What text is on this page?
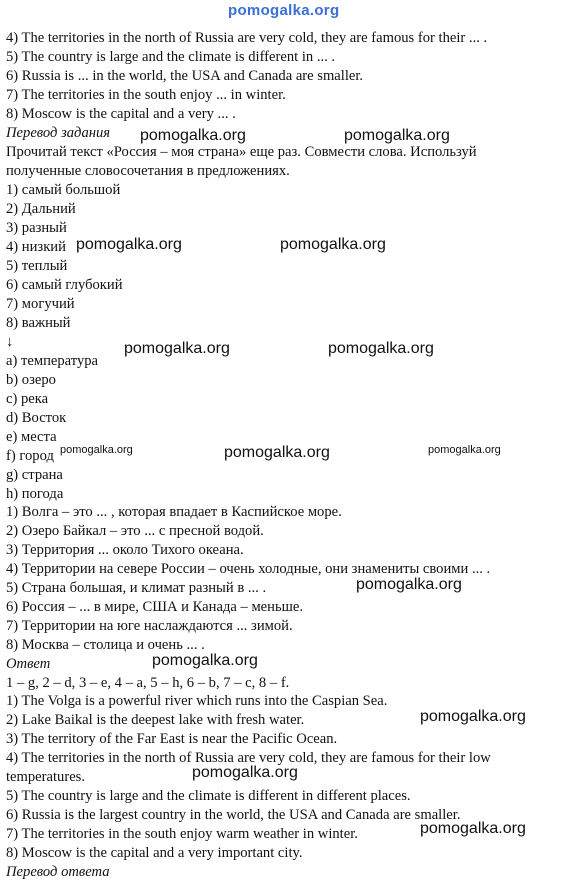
pomogalka.org
4) The territories in the north of Russia are very cold, they are famous for their ... .
5) The country is large and the climate is different in ... .
6) Russia is ... in the world, the USA and Canada are smaller.
7) The territories in the south enjoy ... in winter.
8) Moscow is the capital and a very ... .
Перевод задания
Прочитай текст «Россия – моя страна» еще раз. Совмести слова. Используй
полученные словосочетания в предложениях.
1) самый большой
2) Дальний
3) разный
4) низкий
5) теплый
6) самый глубокий
7) могучий
8) важный
↓
a) температура
b) озеро
c) река
d) Восток
e) места
f) город
g) страна
h) погода
1) Волга – это ... , которая впадает в Каспийское море.
2) Озеро Байкал – это ... с пресной водой.
3) Территория ... около Тихого океана.
4) Территории на севере России – очень холодные, они знамениты своими ... .
5) Страна большая, и климат разный в ... .
6) Россия – ... в мире, США и Канада – меньше.
7) Территории на юге наслаждаются ... зимой.
8) Москва – столица и очень ... .
Ответ
1 – g, 2 – d, 3 – e, 4 – a, 5 – h, 6 – b, 7 – c, 8 – f.
1) The Volga is a powerful river which runs into the Caspian Sea.
2) Lake Baikal is the deepest lake with fresh water.
3) The territory of the Far East is near the Pacific Ocean.
4) The territories in the north of Russia are very cold, they are famous for their low
temperatures.
5) The country is large and the climate is different in different places.
6) Russia is the largest country in the world, the USA and Canada are smaller.
7) The territories in the south enjoy warm weather in winter.
8) Moscow is the capital and a very important city.
Перевод ответа
pomogalka.org	pomogalka.org
pomogalka.org	pomogalka.org
pomogalka.org	pomogalka.org
pomogalka.org	pomogalka.org	pomogalka.org
pomogalka.org
pomogalka.org
pomogalka.org
pomogalka.org
pomogalka.org
